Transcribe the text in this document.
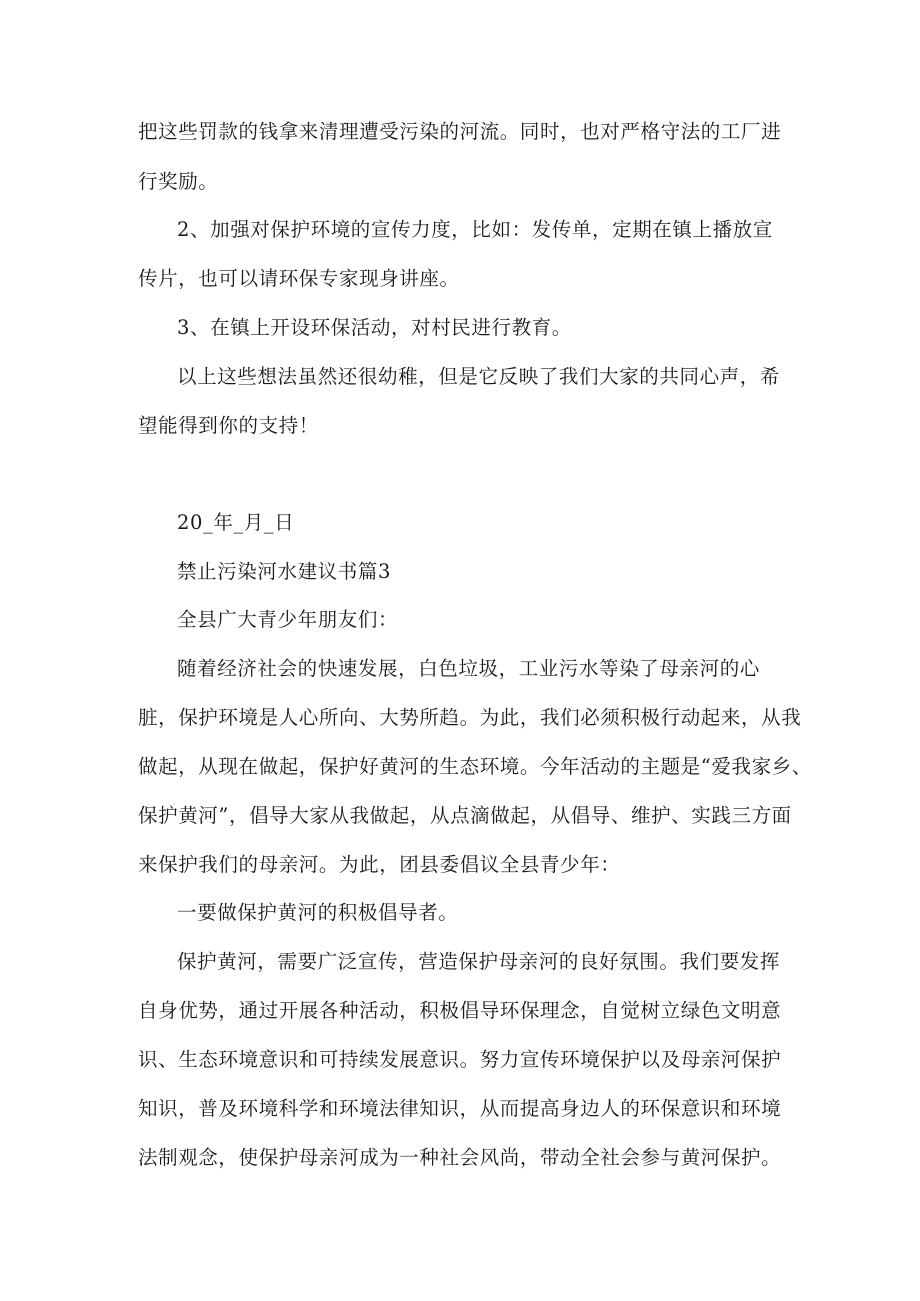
把这些罚款的钱拿来清理遭受污染的河流。同时，也对严格守法的工厂进
行奖励。
2、加强对保护环境的宣传力度，比如：发传单，定期在镇上播放宣
传片，也可以请环保专家现身讲座。
3、在镇上开设环保活动，对村民进行教育。
以上这些想法虽然还很幼稚，但是它反映了我们大家的共同心声，希
望能得到你的支持！
20_年_月_日
禁止污染河水建议书篇3
全县广大青少年朋友们：
随着经济社会的快速发展，白色垃圾，工业污水等染了母亲河的心
脏，保护环境是人心所向、大势所趋。为此，我们必须积极行动起来，从我
做起，从现在做起，保护好黄河的生态环境。今年活动的主题是“爱我家乡、
保护黄河”，倡导大家从我做起，从点滴做起，从倡导、维护、实践三方面
来保护我们的母亲河。为此，团县委倡议全县青少年：
一要做保护黄河的积极倡导者。
保护黄河，需要广泛宣传，营造保护母亲河的良好氛围。我们要发挥
自身优势，通过开展各种活动，积极倡导环保理念，自觉树立绿色文明意
识、生态环境意识和可持续发展意识。努力宣传环境保护以及母亲河保护
知识，普及环境科学和环境法律知识，从而提高身边人的环保意识和环境
法制观念，使保护母亲河成为一种社会风尚，带动全社会参与黄河保护。
